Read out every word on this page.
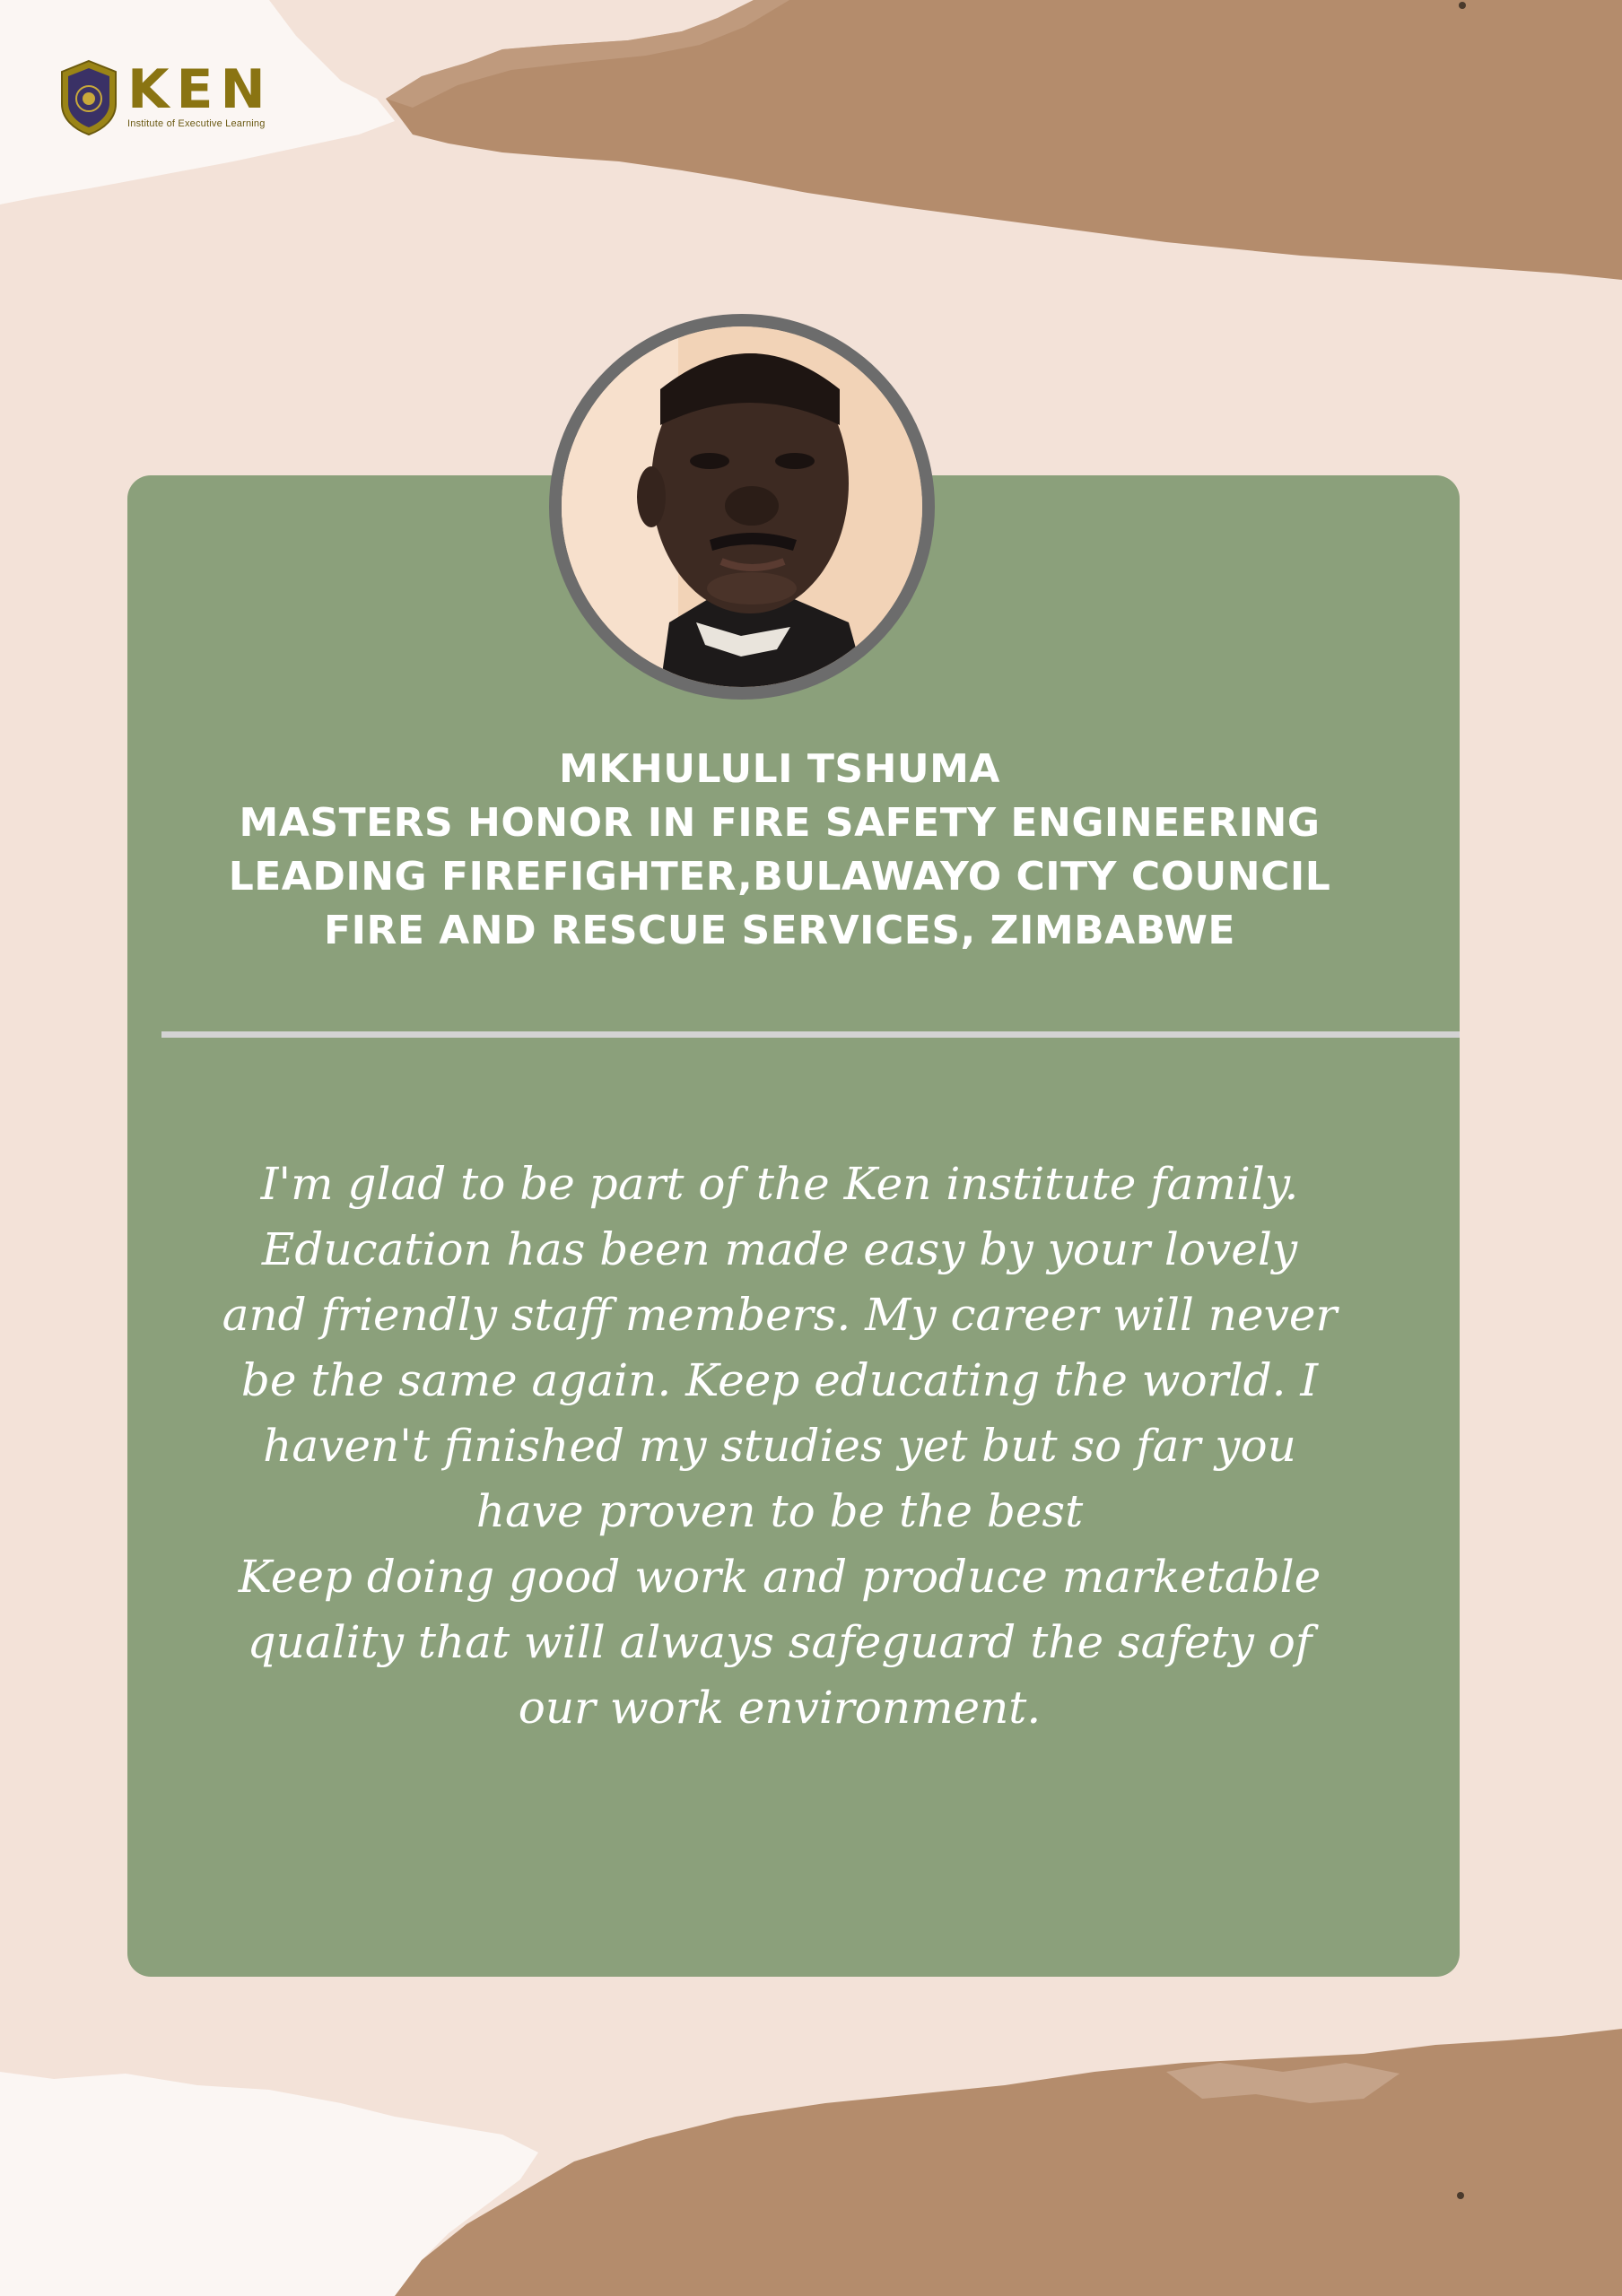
KEN
Institute of Executive Learning
MKHULULI TSHUMA
MASTERS HONOR IN FIRE SAFETY ENGINEERING
LEADING FIREFIGHTER,BULAWAYO CITY COUNCIL
FIRE AND RESCUE SERVICES, ZIMBABWE
I'm glad to be part of the Ken institute family.
Education has been made easy by your lovely
and friendly staff members. My career will never
be the same again. Keep educating the world. I
haven't finished my studies yet but so far you
have proven to be the best
Keep doing good work and produce marketable
quality that will always safeguard the safety of
our work environment.
